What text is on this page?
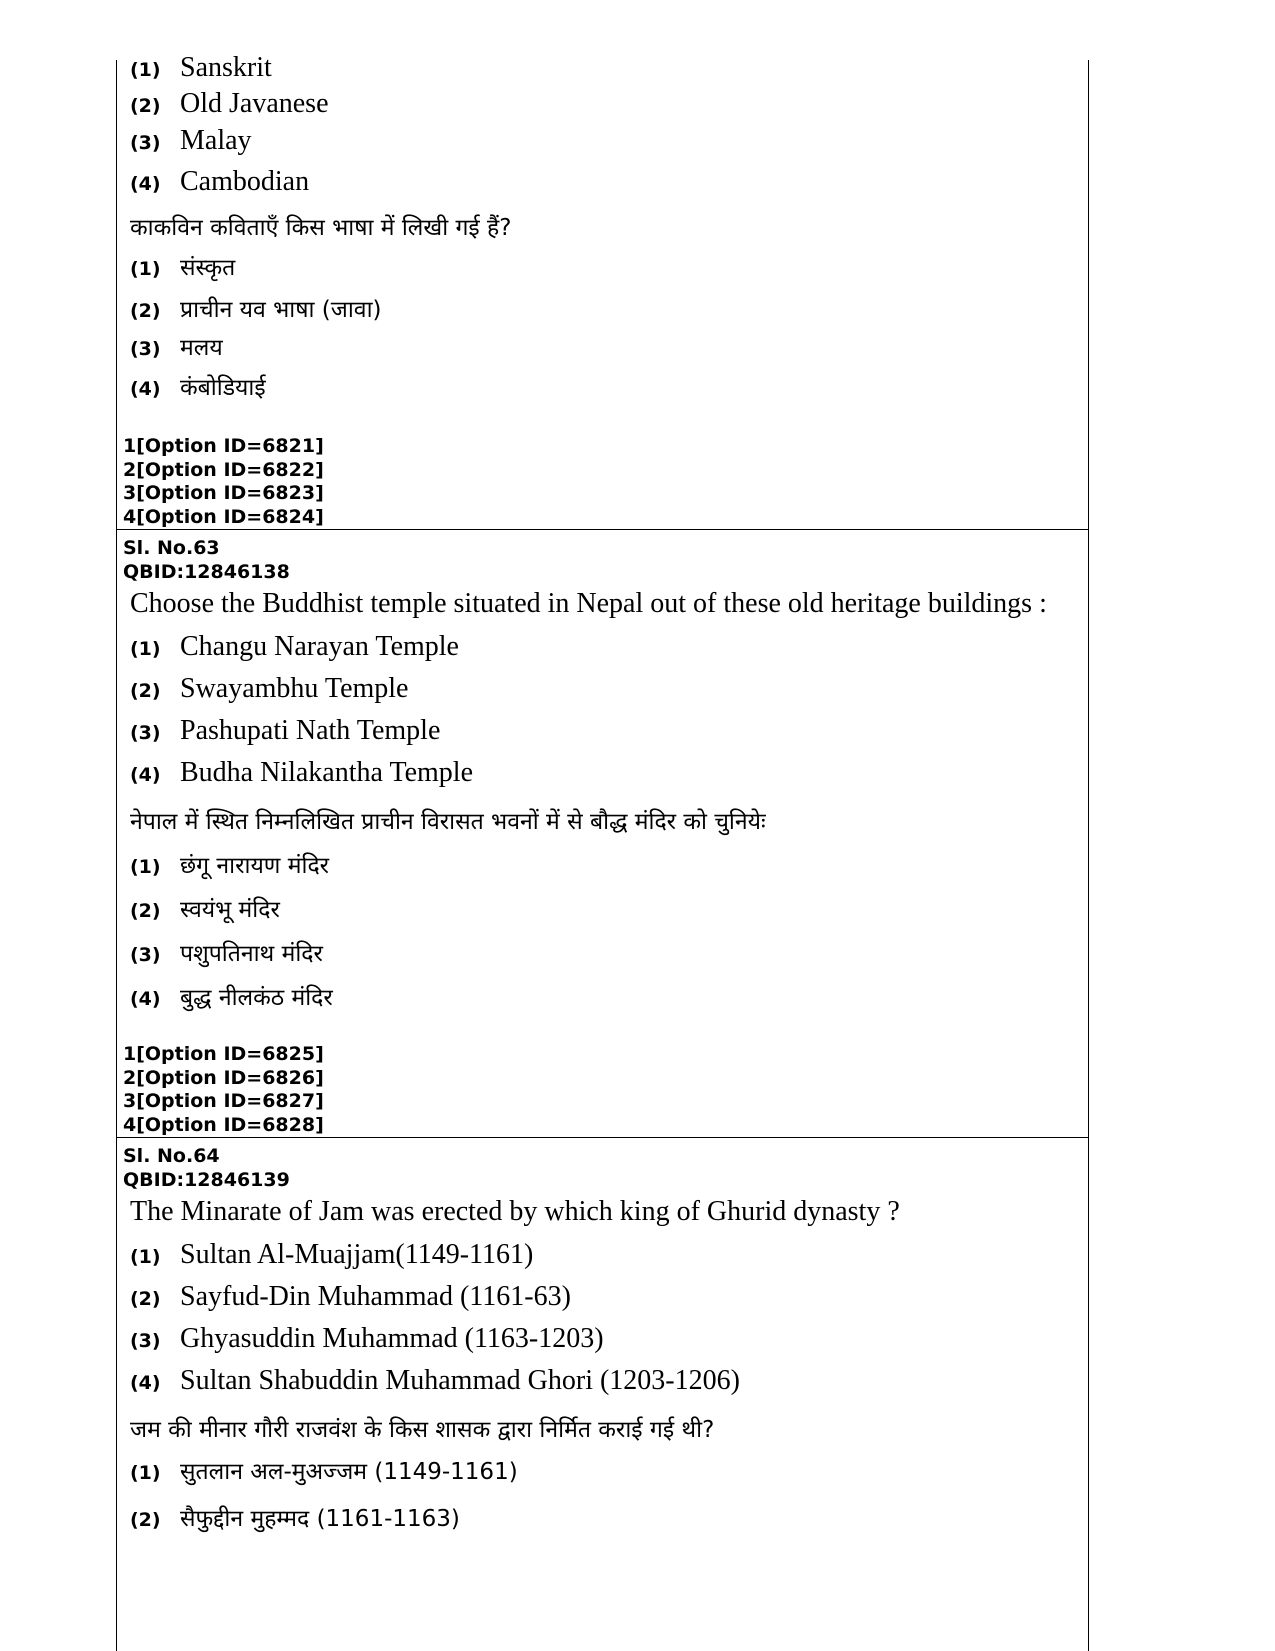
(1) Sanskrit
(2) Old Javanese
(3) Malay
(4) Cambodian
काकविन कविताएँ किस भाषा में लिखी गई हैं?
(1) संस्कृत
(2) प्राचीन यव भाषा (जावा)
(3) मलय
(4) कंबोडियाई
1[Option ID=6821]
2[Option ID=6822]
3[Option ID=6823]
4[Option ID=6824]
Sl. No.63
QBID:12846138
Choose the Buddhist temple situated in Nepal out of these old heritage buildings :
(1) Changu Narayan Temple
(2) Swayambhu Temple
(3) Pashupati Nath Temple
(4) Budha Nilakantha Temple
नेपाल में स्थित निम्नलिखित प्राचीन विरासत भवनों में से बौद्ध मंदिर को चुनियेः
(1) छंगू नारायण मंदिर
(2) स्वयंभू मंदिर
(3) पशुपतिनाथ मंदिर
(4) बुद्ध नीलकंठ मंदिर
1[Option ID=6825]
2[Option ID=6826]
3[Option ID=6827]
4[Option ID=6828]
Sl. No.64
QBID:12846139
The Minarate of Jam was erected by which king of Ghurid dynasty ?
(1) Sultan Al-Muajjam(1149-1161)
(2) Sayfud-Din Muhammad (1161-63)
(3) Ghyasuddin Muhammad (1163-1203)
(4) Sultan Shabuddin Muhammad Ghori (1203-1206)
जम की मीनार गौरी राजवंश के किस शासक द्वारा निर्मित कराई गई थी?
(1) सुतलान अल-मुअज्जम (1149-1161)
(2) सैफुद्दीन मुहम्मद (1161-1163)
